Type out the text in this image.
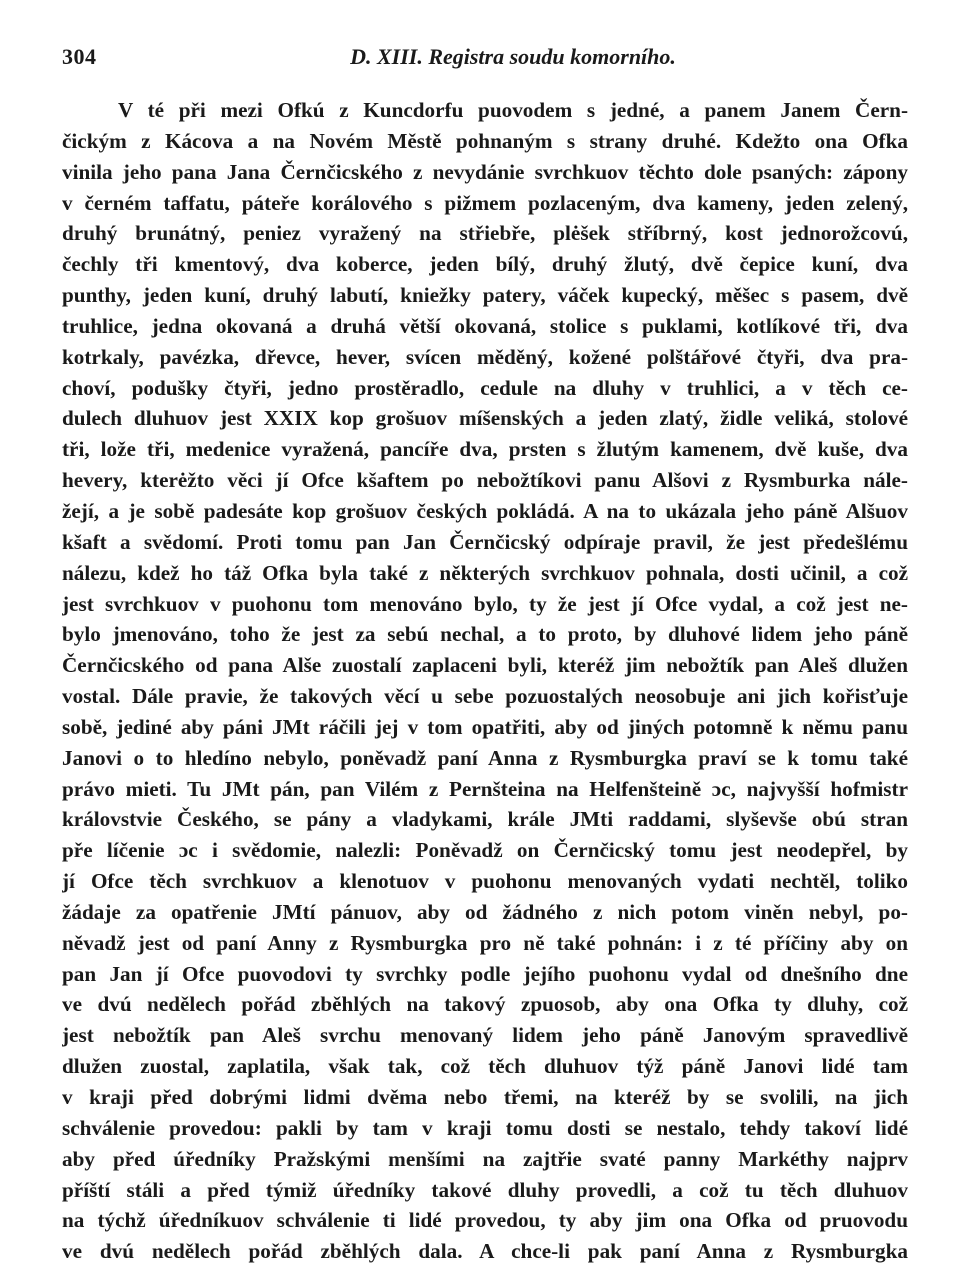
304	D. XIII. Registra soudu komorního.
V té při mezi Ofkú z Kuncdorfu puovodem s jedné, a panem Janem Čern-
čickým z Kácova a na Novém Městě pohnaným s strany druhé. Kdežto ona Ofka
vinila jeho pana Jana Černčicského z nevydánie svrchkuov těchto dole psaných: zápony
v černém taffatu, páteře korálového s pižmem pozlaceným, dva kameny, jeden zelený,
druhý brunátný, peniez vyražený na střiebře, plėšek stříbrný, kost jednorožcovú,
čechly tři kmentový, dva koberce, jeden bílý, druhý žlutý, dvě čepice kuní, dva
punthy, jeden kuní, druhý labutí, kniežky patery, váček kupecký, měšec s pasem, dvě
truhlice, jedna okovaná a druhá větší okovaná, stolice s puklami, kotlíkové tři, dva
kotrkaly, pavézka, dřevce, hever, svícen měděný, kožené polštářové čtyři, dva pra-
choví, podušky čtyři, jedno prostěradlo, cedule na dluhy v truhlici, a v těch ce-
dulech dluhuov jest XXIX kop grošuov míšenských a jeden zlatý, židle veliká, stolové
tři, lože tři, medenice vyražená, pancíře dva, prsten s žlutým kamenem, dvě kuše, dva
hevery, kterėžto věci jí Ofce kšaftem po nebožtíkovi panu Alšovi z Rysmburka nále-
žejí, a je sobě padesáte kop grošuov českých pokládá. A na to ukázala jeho páně Alšuov
kšaft a svědomí. Proti tomu pan Jan Černčicský odpíraje pravil, že jest předešlému
nálezu, kdež ho táž Ofka byla také z některých svrchkuov pohnala, dosti učinil, a což
jest svrchkuov v puohonu tom menováno bylo, ty že jest jí Ofce vydal, a což jest ne-
bylo jmenováno, toho že jest za sebú nechal, a to proto, by dluhové lidem jeho páně
Černčicského od pana Alše zuostalí zaplaceni byli, kteréž jim nebožtík pan Aleš dlužen
vostal. Dále pravie, že takových věcí u sebe pozuostalých neosobuje ani jich kořisťuje
sobě, jediné aby páni JMt ráčili jej v tom opatřiti, aby od jiných potomně k němu panu
Janovi o to hledíno nebylo, poněvadž paní Anna z Rysmburgka praví se k tomu také
právo mieti. Tu JMt pán, pan Vilém z Pernšteina na Helfenšteině ɔc, najvyšší hofmistr
královstvie Českého, se pány a vladykami, krále JMti raddami, slyševše obú stran
pře líčenie ɔc i svědomie, nalezli: Poněvadž on Černčicský tomu jest neodepřel, by
jí Ofce těch svrchkuov a klenotuov v puohonu menovaných vydati nechtěl, toliko
žádaje za opatřenie JMtí pánuov, aby od žádného z nich potom viněn nebyl, po-
něvadž jest od paní Anny z Rysmburgka pro ně také pohnán: i z té příčiny aby on
pan Jan jí Ofce puovodovi ty svrchky podle jejího puohonu vydal od dnešního dne
ve dvú nedělech pořád zběhlých na takový zpuosob, aby ona Ofka ty dluhy, což
jest nebožtík pan Aleš svrchu menovaný lidem jeho páně Janovým spravedlivě
dlužen zuostal, zaplatila, však tak, což těch dluhuov týž páně Janovi lidé tam
v kraji před dobrými lidmi dvěma nebo třemi, na kteréž by se svolili, na jich
schválenie provedou: pakli by tam v kraji tomu dosti se nestalo, tehdy takoví lidé
aby před úředníky Pražskými menšími na zajtřie svaté panny Markéthy najprv
příští stáli a před týmiž úředníky takové dluhy provedli, a což tu těch dluhuov
na týchž úředníkuov schválenie ti lidé provedou, ty aby jim ona Ofka od pruovodu
ve dvú nedělech pořád zběhlých dala. A chce-li pak paní Anna z Rysmburgka
